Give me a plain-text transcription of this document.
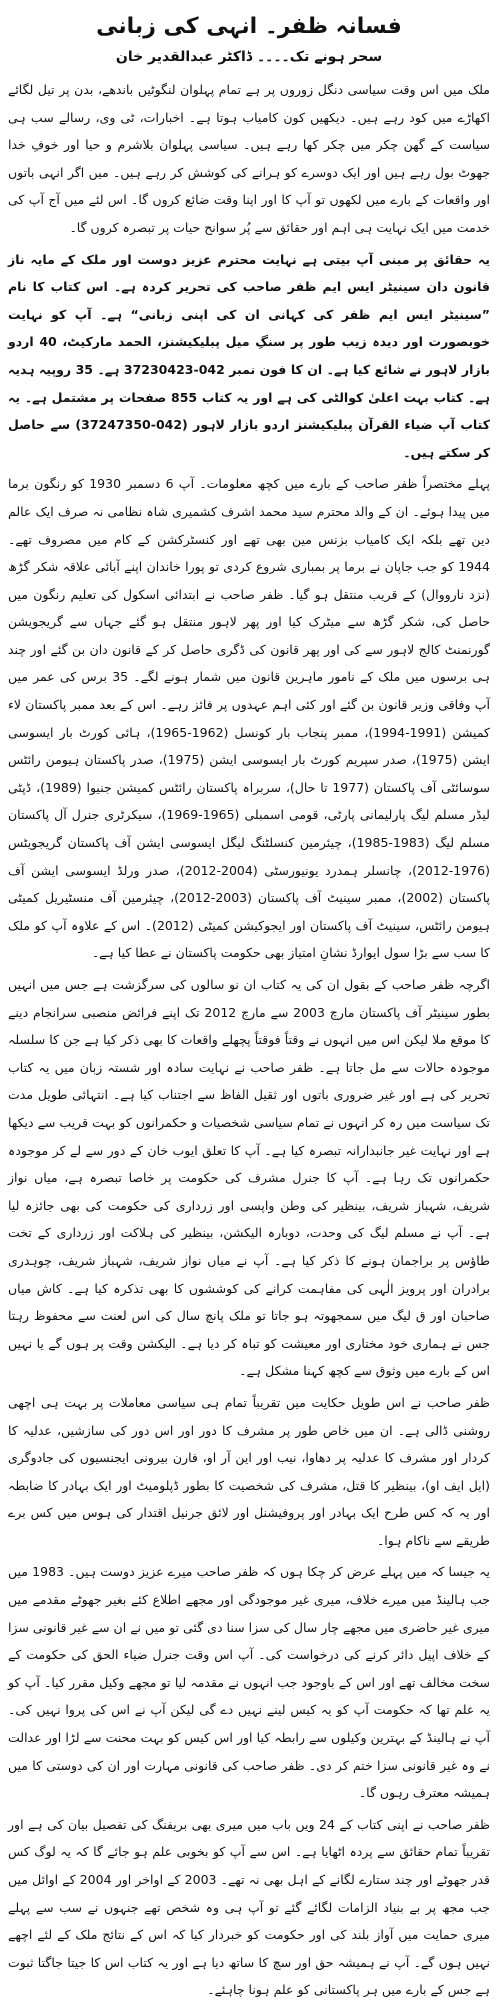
فسانہ ظفر۔ انہی کی زبانی
سحر ہونے تک۔۔۔۔ ڈاکٹر عبدالقدیر خان

ملک میں اس وقت سیاسی دنگل زوروں پر ہے تمام پہلوان لنگوٹیں باندھے، بدن پر تیل لگائے اکھاڑے میں کود رہے ہیں۔ دیکھیں کون کامیاب ہوتا ہے۔ اخبارات، ٹی وی، رسالے سب ہی سیاست کے گھن چکر میں چکر کھا رہے ہیں۔ سیاسی پہلوان بلاشرم و حیا اور خوفِ خدا جھوٹ بول رہے ہیں اور ایک دوسرے کو ہرانے کی کوشش کر رہے ہیں۔ میں اگر انہی باتوں اور واقعات کے بارے میں لکھوں تو آپ کا اور اپنا وقت ضائع کروں گا۔ اس لئے میں آج آپ کی خدمت میں ایک نہایت ہی اہم اور حقائق سے پُر سوانح حیات پر تبصرہ کروں گا۔

یہ حقائق پر مبنی آپ بیتی ہے نہایت محترم عزیز دوست اور ملک کے مایہ ناز قانون دان سینیٹر ایس ایم ظفر صاحب کی تحریر کردہ ہے۔ اس کتاب کا نام ”سینیٹر ایس ایم ظفر کی کہانی ان کی اپنی زبانی“ ہے۔ آپ کو نہایت خوبصورت اور دیدہ زیب طور پر سنگِ میل پبلیکیشنز، الحمد مارکیٹ، 40 اردو بازار لاہور نے شائع کیا ہے۔ ان کا فون نمبر 042-37230423 ہے۔ 35 روپیہ ہدیہ ہے۔ کتاب بہت اعلیٰ کوالٹی کی ہے اور یہ کتاب 855 صفحات پر مشتمل ہے۔ یہ کتاب آپ ضیاء القرآن پبلیکیشنز اردو بازار لاہور (042-37247350) سے حاصل کر سکتے ہیں۔

پہلے مختصراً ظفر صاحب کے بارے میں کچھ معلومات۔ آپ 6 دسمبر 1930 کو رنگون برما میں پیدا ہوئے۔ ان کے والد محترم سید محمد اشرف کشمیری شاہ نظامی نہ صرف ایک عالم دین تھے بلکہ ایک کامیاب بزنس مین بھی تھے اور کنسٹرکشن کے کام میں مصروف تھے۔ 1944 کو جب جاپان نے برما پر بمباری شروع کردی تو پورا خاندان اپنے آبائی علاقہ شکر گڑھ (نزد نارووال) کے قریب منتقل ہو گیا۔ ظفر صاحب نے ابتدائی اسکول کی تعلیم رنگون میں حاصل کی، شکر گڑھ سے میٹرک کیا اور پھر لاہور منتقل ہو گئے جہاں سے گریجویشن گورنمنٹ کالج لاہور سے کی اور پھر قانون کی ڈگری حاصل کر کے قانون دان بن گئے اور چند ہی برسوں میں ملک کے نامور ماہرین قانون میں شمار ہونے لگے۔ 35 برس کی عمر میں آپ وفاقی وزیر قانون بن گئے اور کئی اہم عہدوں پر فائز رہے۔ اس کے بعد ممبر پاکستان لاء کمیشن (1991-1994)، ممبر پنجاب بار کونسل (1962-1965)، ہائی کورٹ بار ایسوسی ایشن (1975)، صدر سپریم کورٹ بار ایسوسی ایشن (1975)، صدر پاکستان ہیومن رائٹس سوسائٹی آف پاکستان (1977 تا حال)، سربراہ پاکستان رائٹس کمیشن جنیوا (1989)، ڈپٹی لیڈر مسلم لیگ پارلیمانی پارٹی، قومی اسمبلی (1965-1969)، سیکرٹری جنرل آل پاکستان مسلم لیگ (1983-1985)، چیئرمین کنسلٹنگ لیگل ایسوسی ایشن آف پاکستان گریجویٹس (1976-2012)، چانسلر ہمدرد یونیورسٹی (2004-2012)، صدر ورلڈ ایسوسی ایشن آف پاکستان (2002)، ممبر سینیٹ آف پاکستان (2003-2012)، چیئرمین آف منسٹیریل کمیٹی ہیومن رائٹس، سینیٹ آف پاکستان اور ایجوکیشن کمیٹی (2012)۔ اس کے علاوہ آپ کو ملک کا سب سے بڑا سول ایوارڈ نشانِ امتیاز بھی حکومت پاکستان نے عطا کیا ہے۔

اگرچہ ظفر صاحب کے بقول ان کی یہ کتاب ان نو سالوں کی سرگزشت ہے جس میں انہیں بطور سینیٹر آف پاکستان مارچ 2003 سے مارچ 2012 تک اپنے فرائض منصبی سرانجام دینے کا موقع ملا لیکن اس میں انہوں نے وقتاً فوقتاً پچھلے واقعات کا بھی ذکر کیا ہے جن کا سلسلہ موجودہ حالات سے مل جاتا ہے۔ ظفر صاحب نے نہایت سادہ اور شستہ زبان میں یہ کتاب تحریر کی ہے اور غیر ضروری باتوں اور ثقیل الفاظ سے اجتناب کیا ہے۔ انتہائی طویل مدت تک سیاست میں رہ کر انہوں نے تمام سیاسی شخصیات و حکمرانوں کو بہت قریب سے دیکھا ہے اور نہایت غیر جانبدارانہ تبصرہ کیا ہے۔ آپ کا تعلق ایوب خان کے دور سے لے کر موجودہ حکمرانوں تک رہا ہے۔ آپ کا جنرل مشرف کی حکومت پر خاصا تبصرہ ہے، میاں نواز شریف، شہباز شریف، بینظیر کی وطن واپسی اور زرداری کی حکومت کی بھی جائزہ لیا ہے۔ آپ نے مسلم لیگ کی وحدت، دوبارہ الیکشن، بینظیر کی ہلاکت اور زرداری کے تخت طاؤس پر براجمان ہونے کا ذکر کیا ہے۔ آپ نے میاں نواز شریف، شہباز شریف، چوہدری برادران اور پرویز الٰہی کی مفاہمت کرانے کی کوششوں کا بھی تذکرہ کیا ہے۔ کاش میاں صاحبان اور ق لیگ میں سمجھوتہ ہو جاتا تو ملک پانچ سال کی اس لعنت سے محفوظ رہتا جس نے ہماری خود مختاری اور معیشت کو تباہ کر دیا ہے۔ الیکشن وقت پر ہوں گے یا نہیں اس کے بارے میں وثوق سے کچھ کہنا مشکل ہے۔

ظفر صاحب نے اس طویل حکایت میں تقریباً تمام ہی سیاسی معاملات پر بہت ہی اچھی روشنی ڈالی ہے۔ ان میں خاص طور پر مشرف کا دور اور اس دور کی سازشیں، عدلیہ کا کردار اور مشرف کا عدلیہ پر دھاوا، نیب اور این آر او، فارن بیرونی ایجنسیوں کی جادوگری (ایل ایف او)، بینظیر کا قتل، مشرف کی شخصیت کا بطور ڈپلومیٹ اور ایک بہادر کا ضابطہ اور یہ کہ کس طرح ایک بہادر اور پروفیشنل اور لائق جرنیل اقتدار کی ہوس میں کس برے طریقے سے ناکام ہوا۔

یہ جیسا کہ میں پہلے عرض کر چکا ہوں کہ ظفر صاحب میرے عزیز دوست ہیں۔ 1983 میں جب ہالینڈ میں میرے خلاف، میری غیر موجودگی اور مجھے اطلاع کئے بغیر جھوٹے مقدمے میں میری غیر حاضری میں مجھے چار سال کی سزا سنا دی گئی تو میں نے ان سے غیر قانونی سزا کے خلاف اپیل دائر کرنے کی درخواست کی۔ آپ اس وقت جنرل ضیاء الحق کی حکومت کے سخت مخالف تھے اور اس کے باوجود جب انہوں نے مقدمہ لیا تو مجھے وکیل مقرر کیا۔ آپ کو یہ علم تھا کہ حکومت آپ کو یہ کیس لینے نہیں دے گی لیکن آپ نے اس کی پروا نہیں کی۔ آپ نے ہالینڈ کے بہترین وکیلوں سے رابطہ کیا اور اس کیس کو بہت محنت سے لڑا اور عدالت نے وہ غیر قانونی سزا ختم کر دی۔ ظفر صاحب کی قانونی مہارت اور ان کی دوستی کا میں ہمیشہ معترف رہوں گا۔

ظفر صاحب نے اپنی کتاب کے 24 ویں باب میں میری بھی بریفنگ کی تفصیل بیان کی ہے اور تقریباً تمام حقائق سے پردہ اٹھایا ہے۔ اس سے آپ کو بخوبی علم ہو جائے گا کہ یہ لوگ کس قدر جھوٹے اور چند ستارے لگانے کے اہل بھی نہ تھے۔ 2003 کے اواخر اور 2004 کے اوائل میں جب مجھ پر بے بنیاد الزامات لگائے گئے تو آپ ہی وہ شخص تھے جنہوں نے سب سے پہلے میری حمایت میں آواز بلند کی اور حکومت کو خبردار کیا کہ اس کے نتائج ملک کے لئے اچھے نہیں ہوں گے۔ آپ نے ہمیشہ حق اور سچ کا ساتھ دیا ہے اور یہ کتاب اس کا جیتا جاگتا ثبوت ہے جس کے بارے میں ہر پاکستانی کو علم ہونا چاہئے۔
